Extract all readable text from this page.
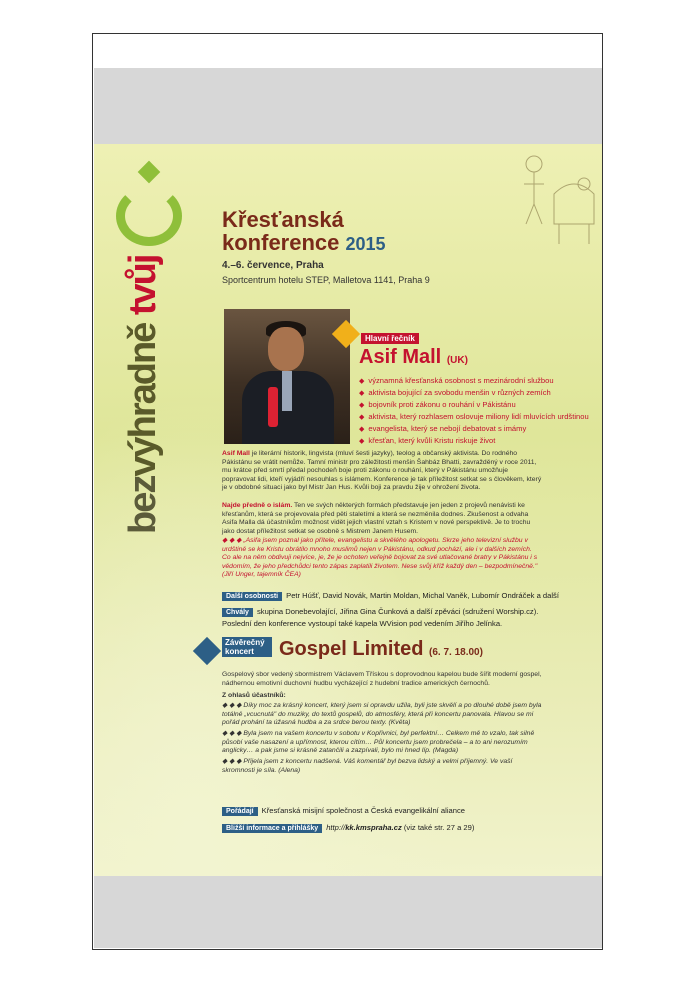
bezvýhradně tvůj
Křesťanská
konference 2015
4.–6. července, Praha
Sportcentrum hotelu STEP, Malletova 1141, Praha 9
Hlavní řečník
Asif Mall (UK)
◆ významná křesťanská osobnost s mezinárodní službou
◆ aktivista bojující za svobodu menšin v různých zemích
◆ bojovník proti zákonu o rouhání v Pákistánu
◆ aktivista, který rozhlasem oslovuje miliony lidí mluvících urdštinou
◆ evangelista, který se nebojí debatovat s imámy
◆ křesťan, který kvůli Kristu riskuje život
Asif Mall je literární historik, lingvista (mluví šesti jazyky), teolog a občanský aktivista. Do rodného Pákistánu se vrátit nemůže. Tamní ministr pro záležitosti menšin Šahbáz Bhatti, zavražděný v roce 2011, mu krátce před smrtí předal pochodeň boje proti zákonu o rouhání, který v Pákistánu umožňuje popravovat lidi, kteří vyjádří nesouhlas s islámem. Konference je tak příležitost setkat se s člověkem, který je v obdobné situaci jako byl Mistr Jan Hus. Kvůli boji za pravdu žije v ohrožení života.
Najde předně o islám. Ten ve svých některých formách představuje jen jeden z projevů nenávisti ke křesťanům, která se projevovala před pěti staletími a která se nezměnila dodnes. Zkušenost a odvaha Asifa Malla dá účastníkům možnost vidět jejich vlastní vztah s Kristem v nové perspektivě. Je to trochu jako dostat příležitost setkat se osobně s Mistrem Janem Husem.
◆ ◆ ◆ „Asifa jsem poznal jako přítele, evangelistu a skvělého apologetu. Skrze jeho televizní službu v urdštině se ke Kristu obrátilo mnoho muslimů nejen v Pákistánu, odkud pochází, ale i v dalších zemích. Co ale na něm obdivuji nejvíce, je, že je ochoten veřejně bojovat za své utlačované bratry v Pákistánu i s vědomím, že jeho předchůdci tento zápas zaplatili životem. Nese svůj kříž každý den – bezpodmínečně." (Jiří Unger, tajemník ČEA)
Další osobnosti Petr Húšť, David Novák, Martin Moldan, Michal Vaněk, Lubomír Ondráček a další
Chvály skupina Donebevolající, Jiřina Gina Čunková a další zpěváci (sdružení Worship.cz).
Poslední den konference vystoupí také kapela WVision pod vedením Jiřího Jelínka.
Závěrečný koncert	Gospel Limited (6. 7. 18.00)
Gospelový sbor vedený sbormistrem Václavem Třískou s doprovodnou kapelou bude šířit moderní gospel, nádhernou emotivní duchovní hudbu vycházející z hudební tradice amerických černochů.
Z ohlasů účastníků:
◆ ◆ ◆ Díky moc za krásný koncert, který jsem si opravdu užila, byli jste skvělí a po dlouhé době jsem byla totálně „vcucnutá" do muziky, do textů gospelů, do atmosféry, která při koncertu panovala. Hlavou se mi pořád prohání ta úžasná hudba a za srdce berou texty. (Květa)
◆ ◆ ◆ Byla jsem na vašem koncertu v sobotu v Kopřivnici, byl perfektní… Celkem mě to vzalo, tak silně působí vaše nasazení a upřímnost, kterou cítím… Půl koncertu jsem probrečela – a to ani nerozumím anglicky… a pak jsme si krásně zatančili a zazpívali, bylo mi hned líp. (Magda)
◆ ◆ ◆ Přijela jsem z koncertu nadšená. Váš komentář byl bezva lidský a velmi příjemný. Ve vaší skromnosti je síla. (Alena)
Pořádají Křesťanská misijní společnost a Česká evangelikální aliance
Bližší informace a přihlášky http://kk.kmspraha.cz (viz také str. 27 a 29)
